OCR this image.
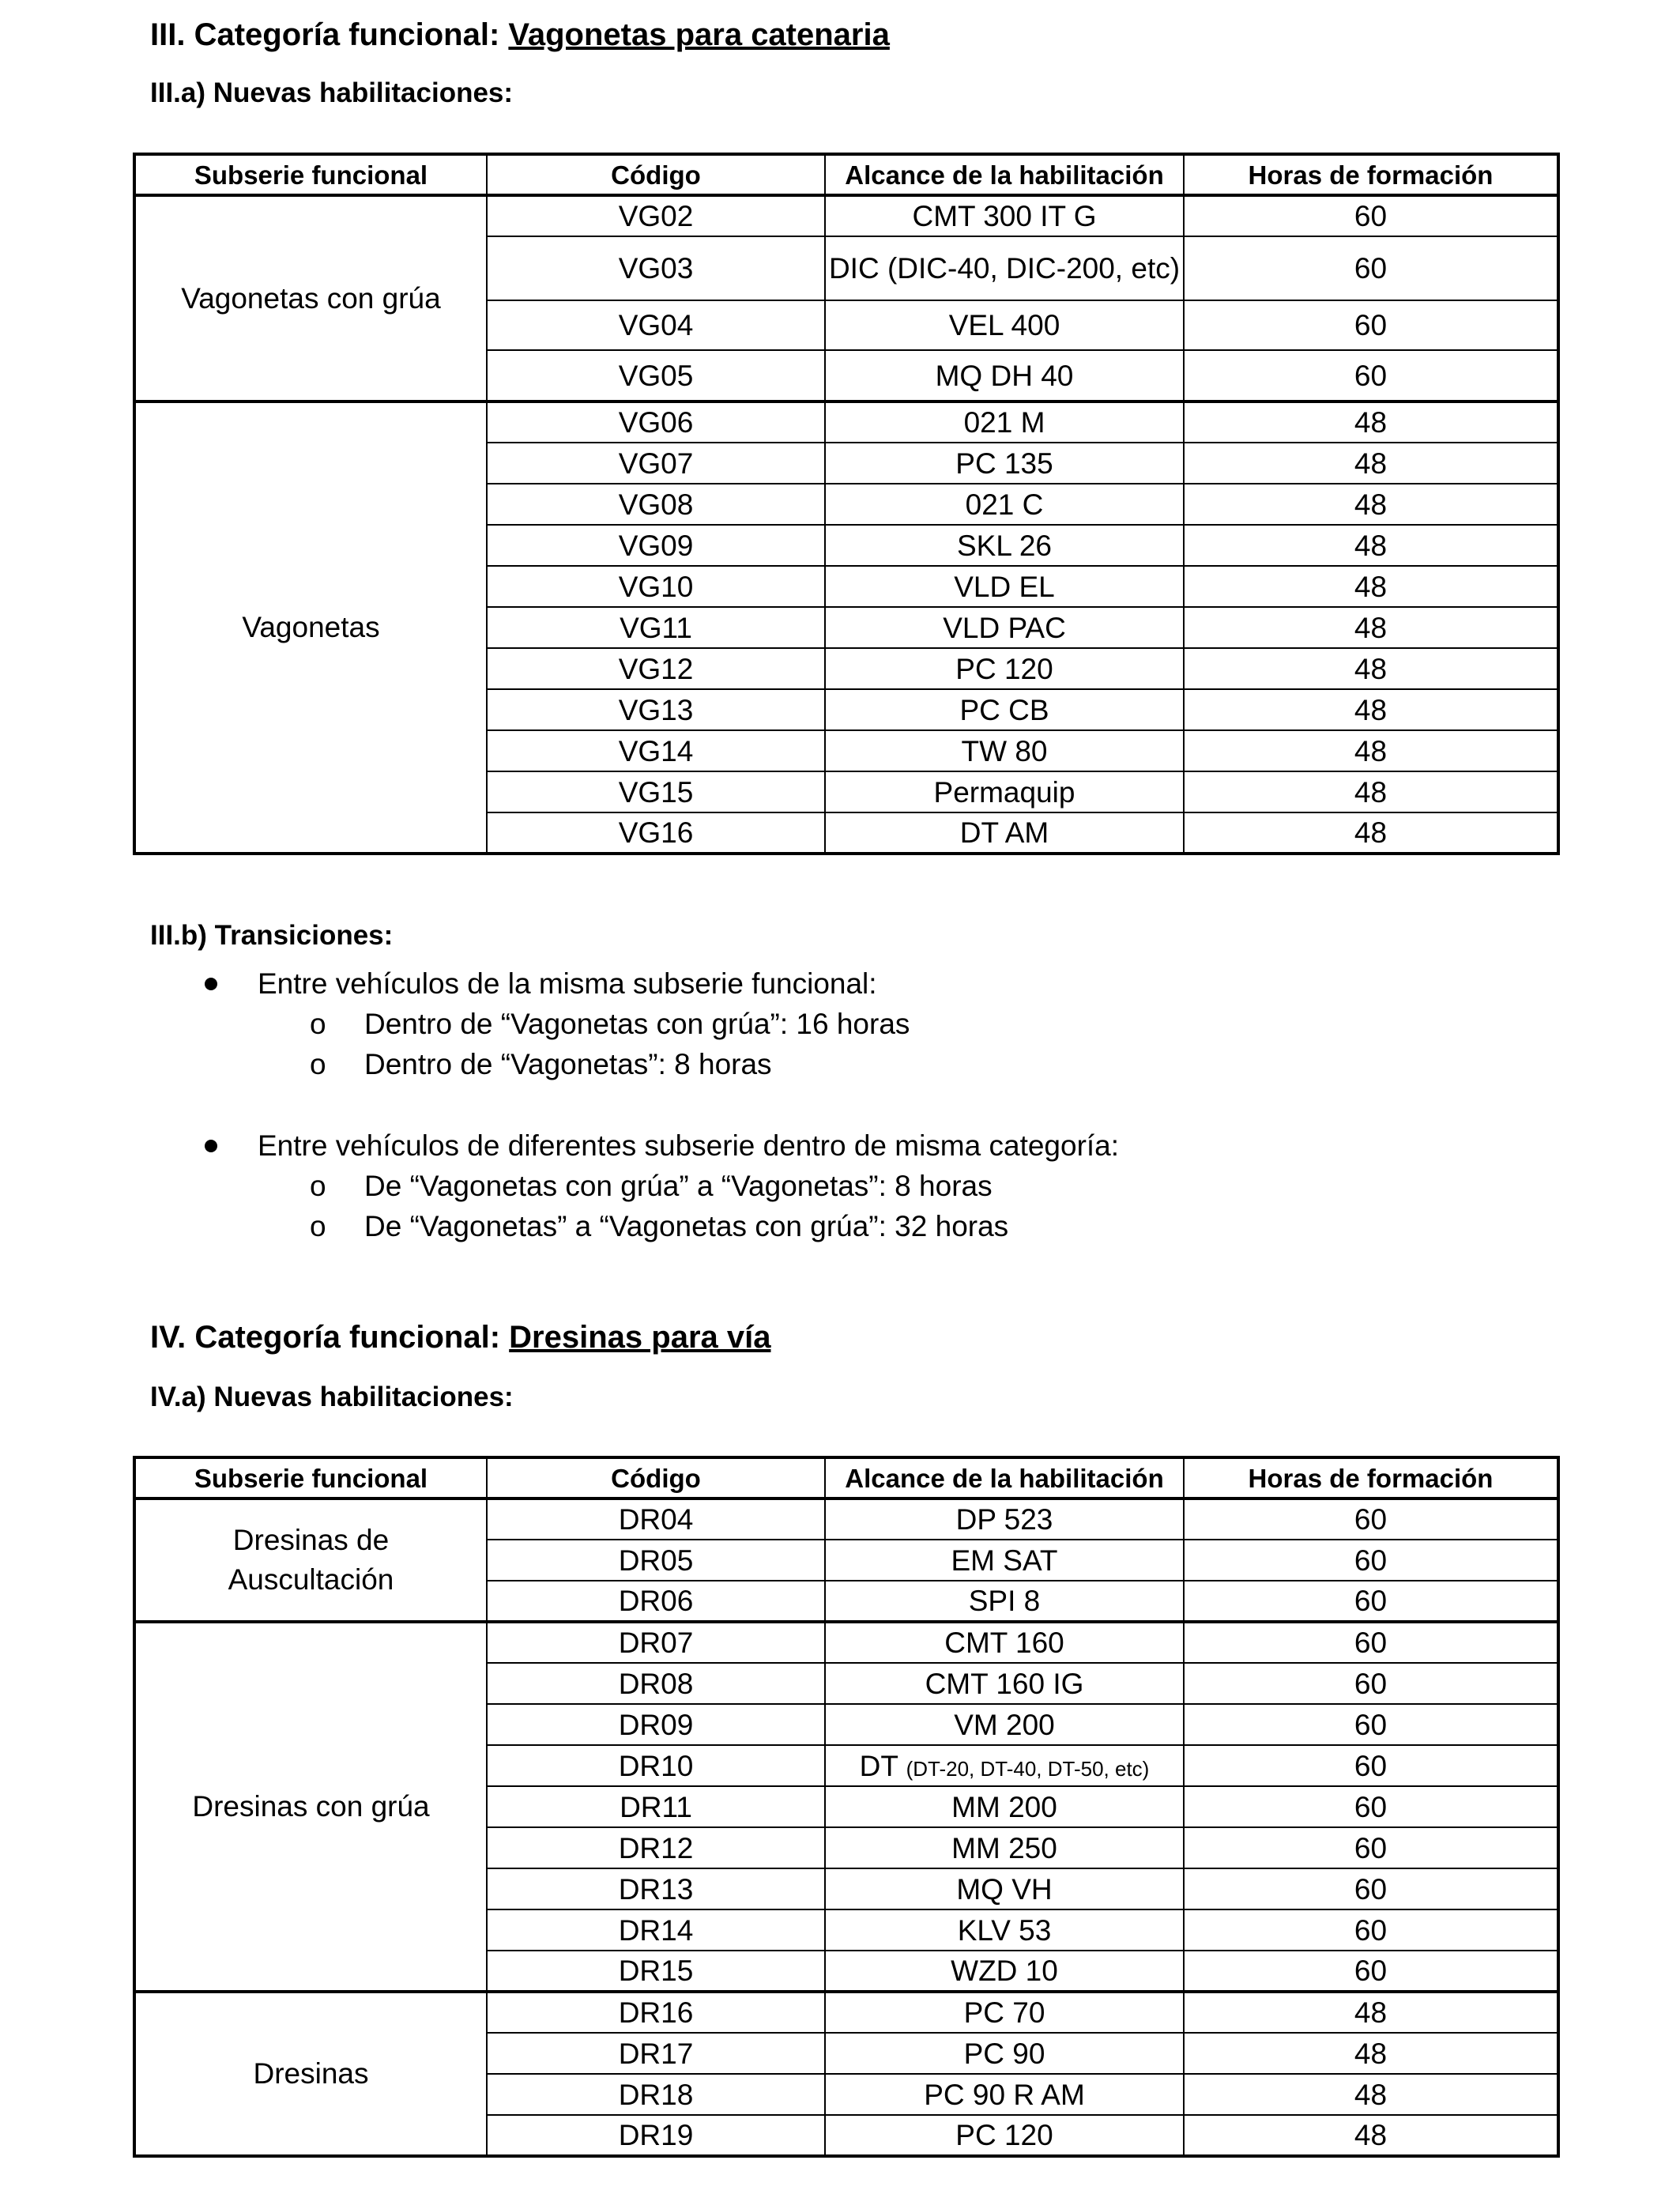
III. Categoría funcional: Vagonetas para catenaria
III.a) Nuevas habilitaciones:
Subserie funcional	Código	Alcance de la habilitación	Horas de formación
Vagonetas con grúa	VG02	CMT 300 IT G	60
	VG03	DIC (DIC-40, DIC-200, etc)	60
	VG04	VEL 400	60
	VG05	MQ DH 40	60
Vagonetas	VG06	021 M	48
	VG07	PC 135	48
	VG08	021 C	48
	VG09	SKL 26	48
	VG10	VLD EL	48
	VG11	VLD PAC	48
	VG12	PC 120	48
	VG13	PC CB	48
	VG14	TW 80	48
	VG15	Permaquip	48
	VG16	DT AM	48
III.b) Transiciones:
Entre vehículos de la misma subserie funcional:
o Dentro de “Vagonetas con grúa”: 16 horas
o Dentro de “Vagonetas”: 8 horas
Entre vehículos de diferentes subserie dentro de misma categoría:
o De “Vagonetas con grúa” a “Vagonetas”: 8 horas
o De “Vagonetas” a “Vagonetas con grúa”: 32 horas
IV. Categoría funcional: Dresinas para vía
IV.a) Nuevas habilitaciones:
Subserie funcional	Código	Alcance de la habilitación	Horas de formación
Dresinas de Auscultación	DR04	DP 523	60
	DR05	EM SAT	60
	DR06	SPI 8	60
Dresinas con grúa	DR07	CMT 160	60
	DR08	CMT 160 IG	60
	DR09	VM 200	60
	DR10	DT (DT-20, DT-40, DT-50, etc)	60
	DR11	MM 200	60
	DR12	MM 250	60
	DR13	MQ VH	60
	DR14	KLV 53	60
	DR15	WZD 10	60
Dresinas	DR16	PC 70	48
	DR17	PC 90	48
	DR18	PC 90 R AM	48
	DR19	PC 120	48
